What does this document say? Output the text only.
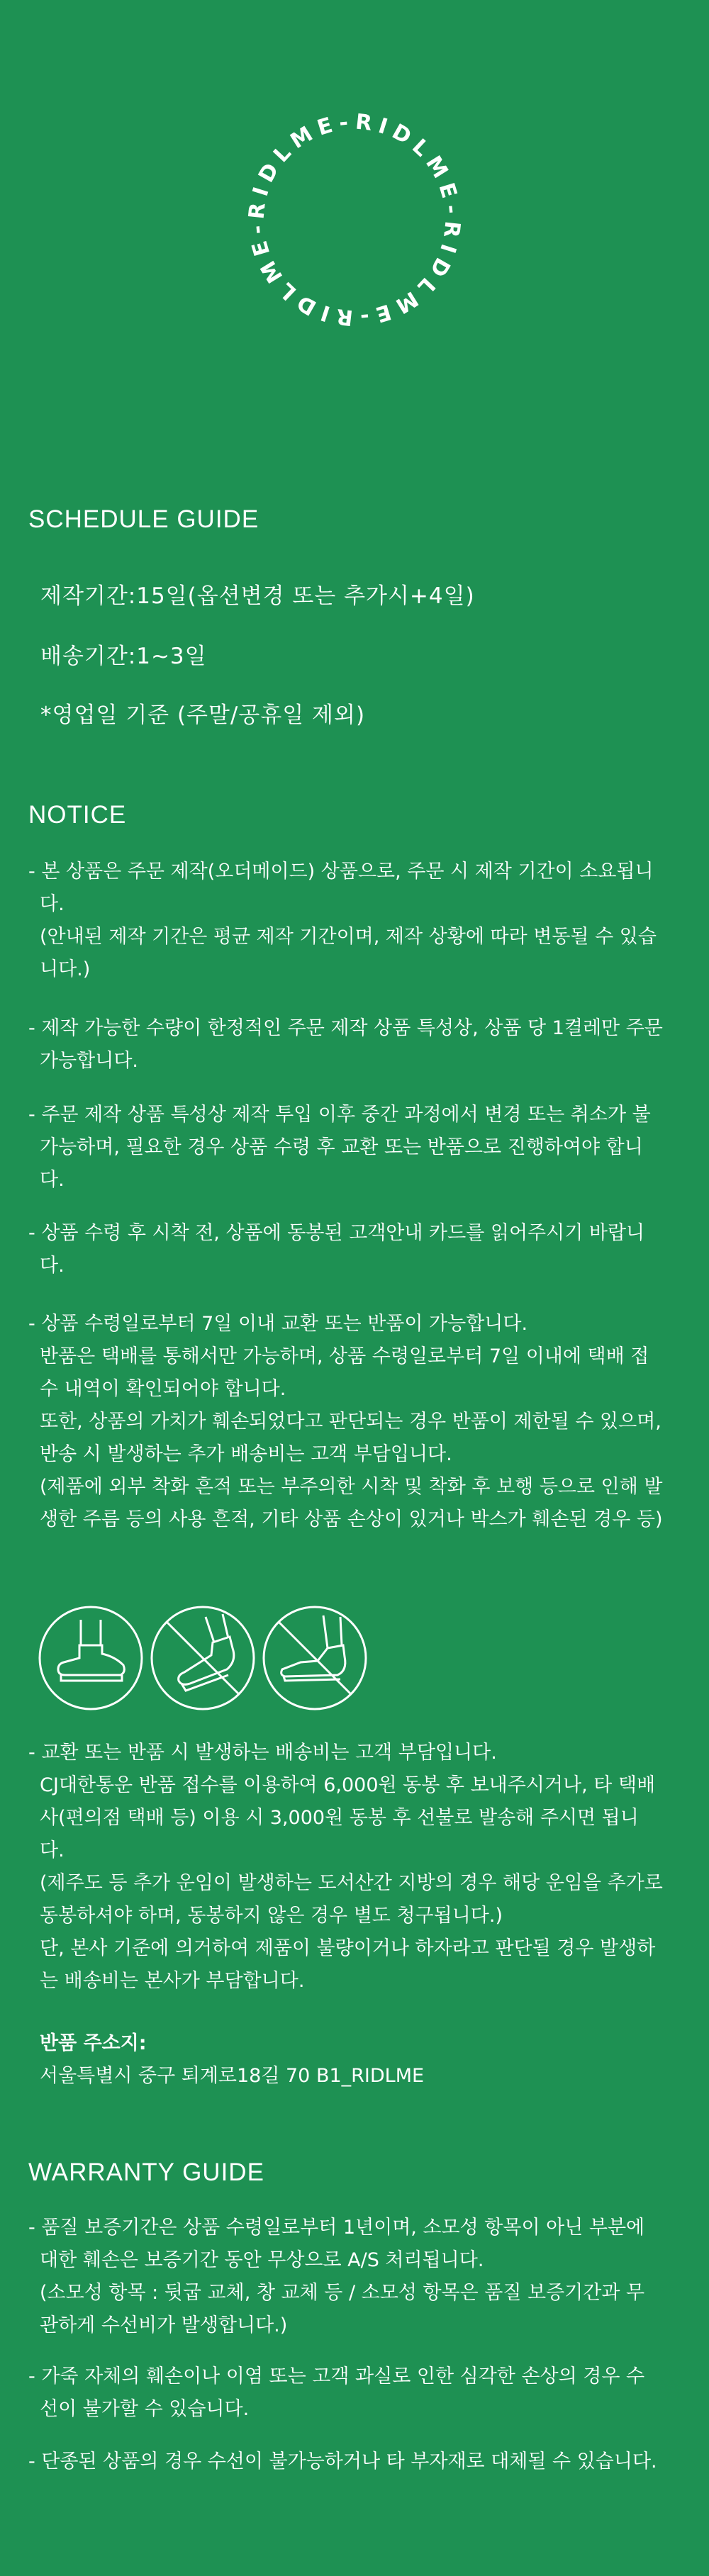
RIDLME-RIDLME-RIDLME-RIDLME-
SCHEDULE GUIDE
제작기간:15일(옵션변경 또는 추가시+4일)
배송기간:1~3일
*영업일 기준 (주말/공휴일 제외)
NOTICE

- 본 상품은 주문 제작(오더메이드) 상품으로, 주문 시 제작 기간이 소요됩니다.

(안내된 제작 기간은 평균 제작 기간이며, 제작 상황에 따라 변동될 수 있습니다.)

- 제작 가능한 수량이 한정적인 주문 제작 상품 특성상, 상품 당 1켤레만 주문 가능합니다.

- 주문 제작 상품 특성상 제작 투입 이후 중간 과정에서 변경 또는 취소가 불가능하며, 필요한 경우 상품 수령 후 교환 또는 반품으로 진행하여야 합니다.

- 상품 수령 후 시착 전, 상품에 동봉된 고객안내 카드를 읽어주시기 바랍니다.

- 상품 수령일로부터 7일 이내 교환 또는 반품이 가능합니다.

반품은 택배를 통해서만 가능하며, 상품 수령일로부터 7일 이내에 택배 접수 내역이 확인되어야 합니다.

또한, 상품의 가치가 훼손되었다고 판단되는 경우 반품이 제한될 수 있으며, 반송 시 발생하는 추가 배송비는 고객 부담입니다.

(제품에 외부 착화 흔적 또는 부주의한 시착 및 착화 후 보행 등으로 인해 발생한 주름 등의 사용 흔적, 기타 상품 손상이 있거나 박스가 훼손된 경우 등)

- 교환 또는 반품 시 발생하는 배송비는 고객 부담입니다.

CJ대한통운 반품 접수를 이용하여 6,000원 동봉 후 보내주시거나, 타 택배사(편의점 택배 등) 이용 시 3,000원 동봉 후 선불로 발송해 주시면 됩니다.

(제주도 등 추가 운임이 발생하는 도서산간 지방의 경우 해당 운임을 추가로 동봉하셔야 하며, 동봉하지 않은 경우 별도 청구됩니다.)

단, 본사 기준에 의거하여 제품이 불량이거나 하자라고 판단될 경우 발생하는 배송비는 본사가 부담합니다.

반품 주소지:

서울특별시 중구 퇴계로18길 70 B1_RIDLME

WARRANTY GUIDE

- 품질 보증기간은 상품 수령일로부터 1년이며, 소모성 항목이 아닌 부분에 대한 훼손은 보증기간 동안 무상으로 A/S 처리됩니다.

(소모성 항목 : 뒷굽 교체, 창 교체 등 / 소모성 항목은 품질 보증기간과 무관하게 수선비가 발생합니다.)

- 가죽 자체의 훼손이나 이염 또는 고객 과실로 인한 심각한 손상의 경우 수선이 불가할 수 있습니다.

- 단종된 상품의 경우 수선이 불가능하거나 타 부자재로 대체될 수 있습니다.
